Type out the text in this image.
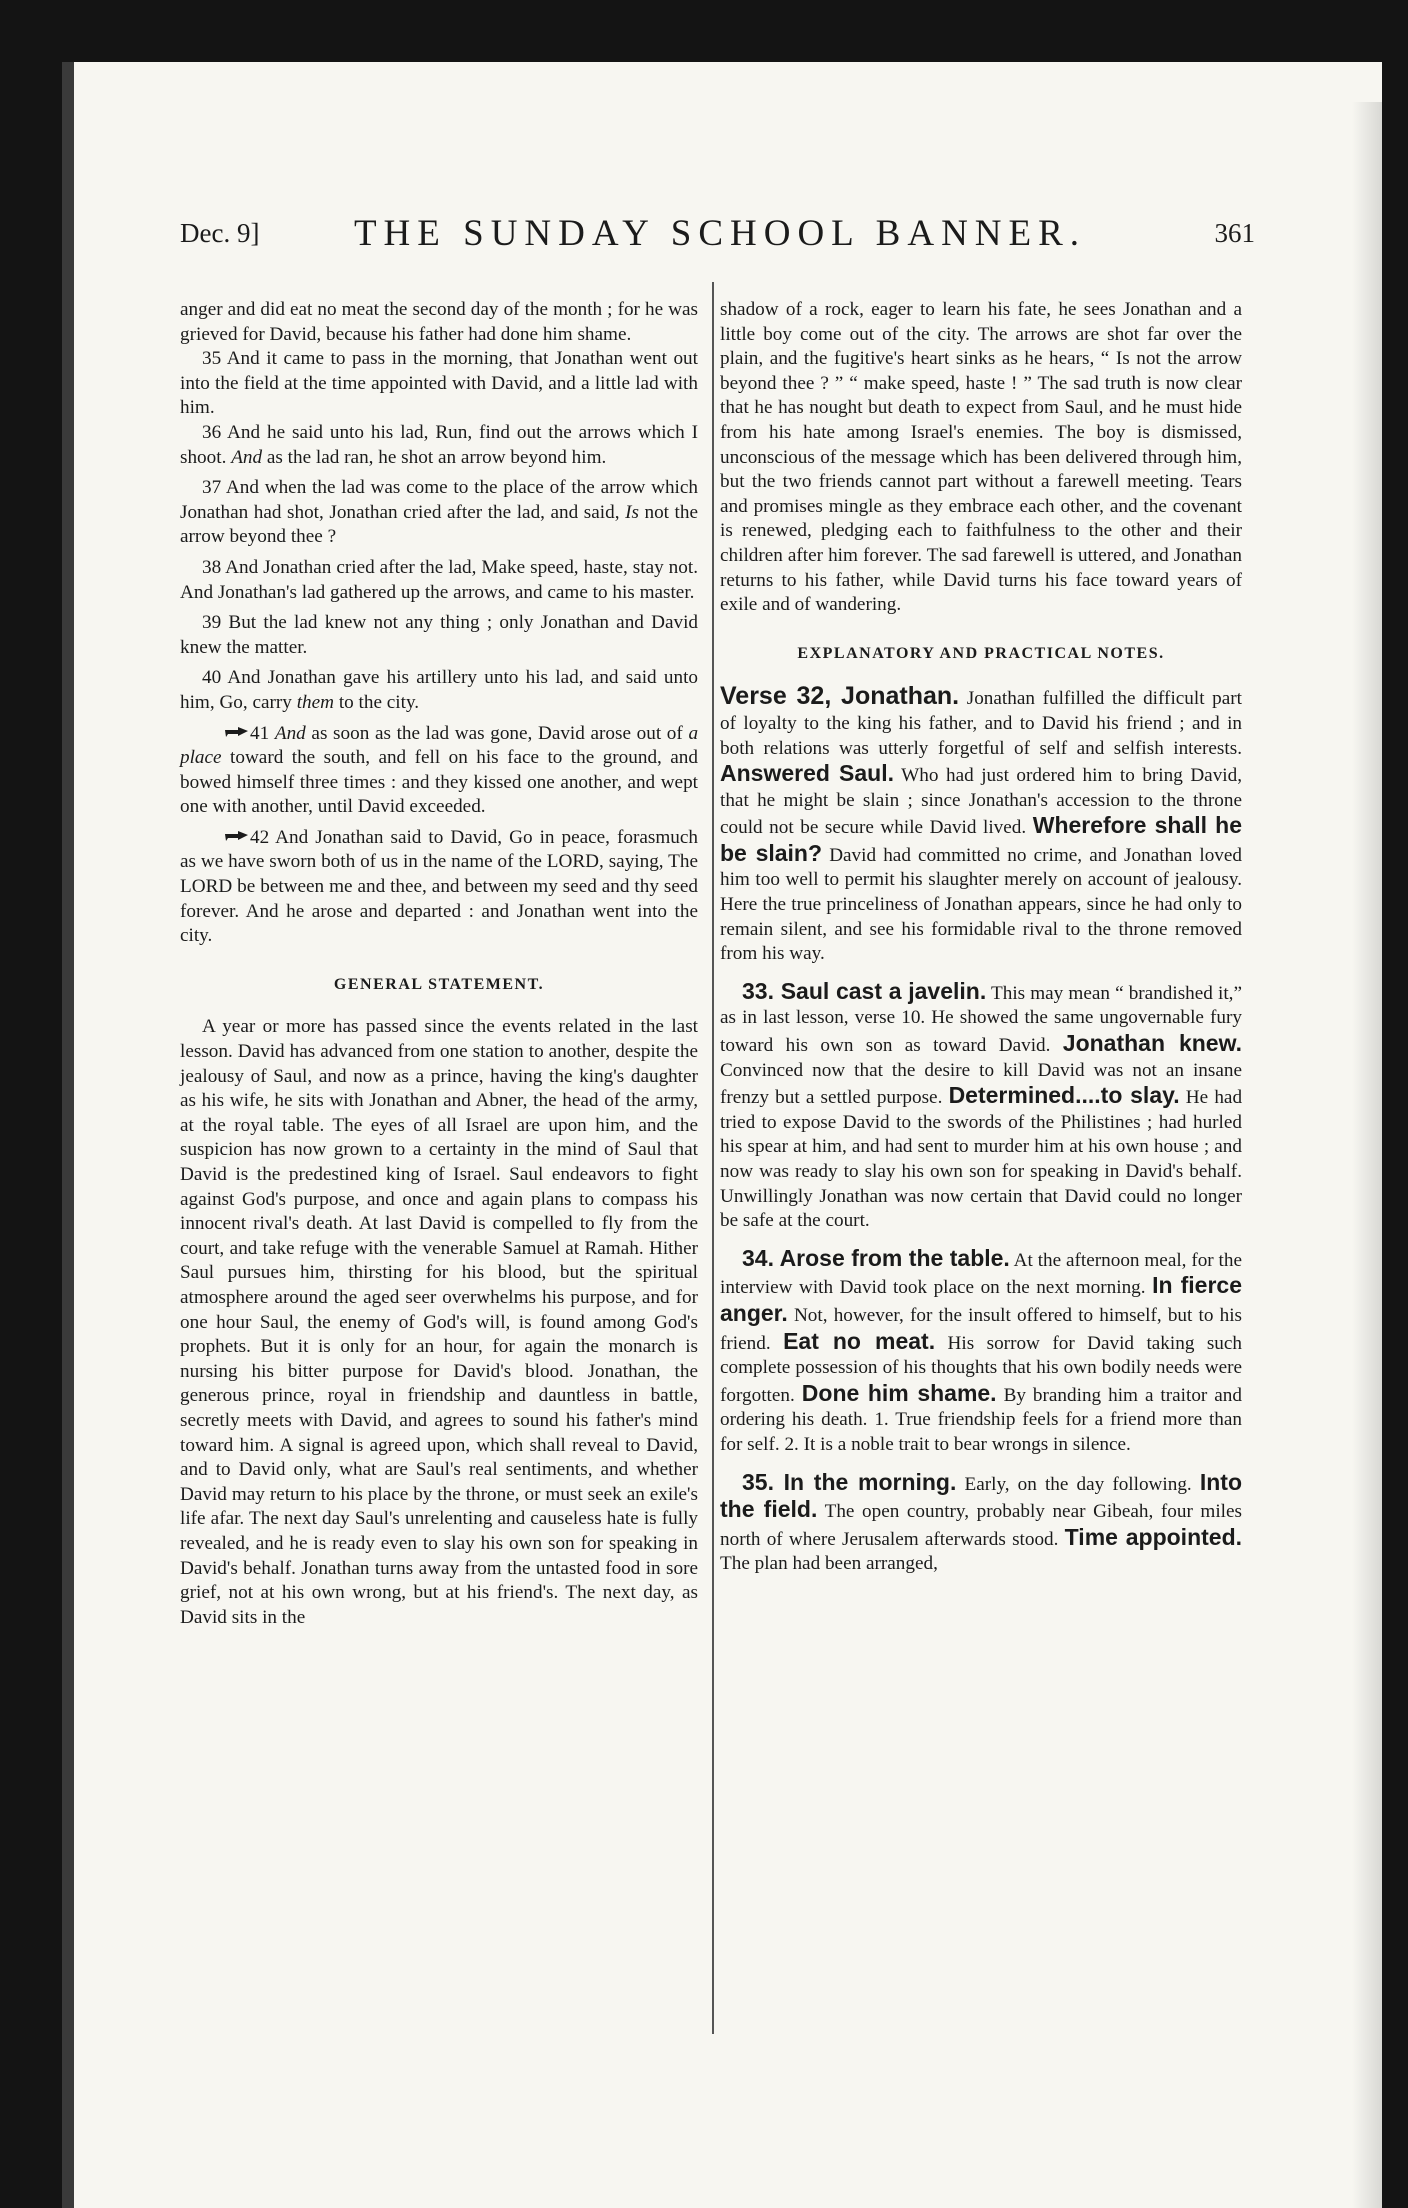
Dec. 9]	THE SUNDAY SCHOOL BANNER.	361

anger and did eat no meat the second day of the month ; for he was grieved for David, because his father had done him shame.

35 And it came to pass in the morning, that Jonathan went out into the field at the time appointed with David, and a little lad with him.

36 And he said unto his lad, Run, find out the arrows which I shoot. And as the lad ran, he shot an arrow beyond him.

37 And when the lad was come to the place of the arrow which Jonathan had shot, Jonathan cried after the lad, and said, Is not the arrow beyond thee ?

38 And Jonathan cried after the lad, Make speed, haste, stay not. And Jonathan's lad gathered up the arrows, and came to his master.

39 But the lad knew not any thing ; only Jonathan and David knew the matter.

40 And Jonathan gave his artillery unto his lad, and said unto him, Go, carry them to the city.

41 And as soon as the lad was gone, David arose out of a place toward the south, and fell on his face to the ground, and bowed himself three times : and they kissed one another, and wept one with another, until David exceeded.

42 And Jonathan said to David, Go in peace, forasmuch as we have sworn both of us in the name of the LORD, saying, The LORD be between me and thee, and between my seed and thy seed forever. And he arose and departed : and Jonathan went into the city.

GENERAL STATEMENT.

A year or more has passed since the events related in the last lesson. David has advanced from one station to another, despite the jealousy of Saul, and now as a prince, having the king's daughter as his wife, he sits with Jonathan and Abner, the head of the army, at the royal table. The eyes of all Israel are upon him, and the suspicion has now grown to a certainty in the mind of Saul that David is the predestined king of Israel. Saul endeavors to fight against God's purpose, and once and again plans to compass his innocent rival's death. At last David is compelled to fly from the court, and take refuge with the venerable Samuel at Ramah. Hither Saul pursues him, thirsting for his blood, but the spiritual atmosphere around the aged seer overwhelms his purpose, and for one hour Saul, the enemy of God's will, is found among God's prophets. But it is only for an hour, for again the monarch is nursing his bitter purpose for David's blood. Jonathan, the generous prince, royal in friendship and dauntless in battle, secretly meets with David, and agrees to sound his father's mind toward him. A signal is agreed upon, which shall reveal to David, and to David only, what are Saul's real sentiments, and whether David may return to his place by the throne, or must seek an exile's life afar. The next day Saul's unrelenting and causeless hate is fully revealed, and he is ready even to slay his own son for speaking in David's behalf. Jonathan turns away from the untasted food in sore grief, not at his own wrong, but at his friend's. The next day, as David sits in the

shadow of a rock, eager to learn his fate, he sees Jonathan and a little boy come out of the city. The arrows are shot far over the plain, and the fugitive's heart sinks as he hears, “ Is not the arrow beyond thee ? ” “ make speed, haste ! ” The sad truth is now clear that he has nought but death to expect from Saul, and he must hide from his hate among Israel's enemies. The boy is dismissed, unconscious of the message which has been delivered through him, but the two friends cannot part without a farewell meeting. Tears and promises mingle as they embrace each other, and the covenant is renewed, pledging each to faithfulness to the other and their children after him forever. The sad farewell is uttered, and Jonathan returns to his father, while David turns his face toward years of exile and of wandering.

EXPLANATORY AND PRACTICAL NOTES.

Verse 32, Jonathan. Jonathan fulfilled the difficult part of loyalty to the king his father, and to David his friend ; and in both relations was utterly forgetful of self and selfish interests. Answered Saul. Who had just ordered him to bring David, that he might be slain ; since Jonathan's accession to the throne could not be secure while David lived. Wherefore shall he be slain? David had committed no crime, and Jonathan loved him too well to permit his slaughter merely on account of jealousy. Here the true princeliness of Jonathan appears, since he had only to remain silent, and see his formidable rival to the throne removed from his way.

33. Saul cast a javelin. This may mean “ brandished it,” as in last lesson, verse 10. He showed the same ungovernable fury toward his own son as toward David. Jonathan knew. Convinced now that the desire to kill David was not an insane frenzy but a settled purpose. Determined....to slay. He had tried to expose David to the swords of the Philistines ; had hurled his spear at him, and had sent to murder him at his own house ; and now was ready to slay his own son for speaking in David's behalf. Unwillingly Jonathan was now certain that David could no longer be safe at the court.

34. Arose from the table. At the afternoon meal, for the interview with David took place on the next morning. In fierce anger. Not, however, for the insult offered to himself, but to his friend. Eat no meat. His sorrow for David taking such complete possession of his thoughts that his own bodily needs were forgotten. Done him shame. By branding him a traitor and ordering his death. 1. True friendship feels for a friend more than for self. 2. It is a noble trait to bear wrongs in silence.

35. In the morning. Early, on the day following. Into the field. The open country, probably near Gibeah, four miles north of where Jerusalem afterwards stood. Time appointed. The plan had been arranged,
